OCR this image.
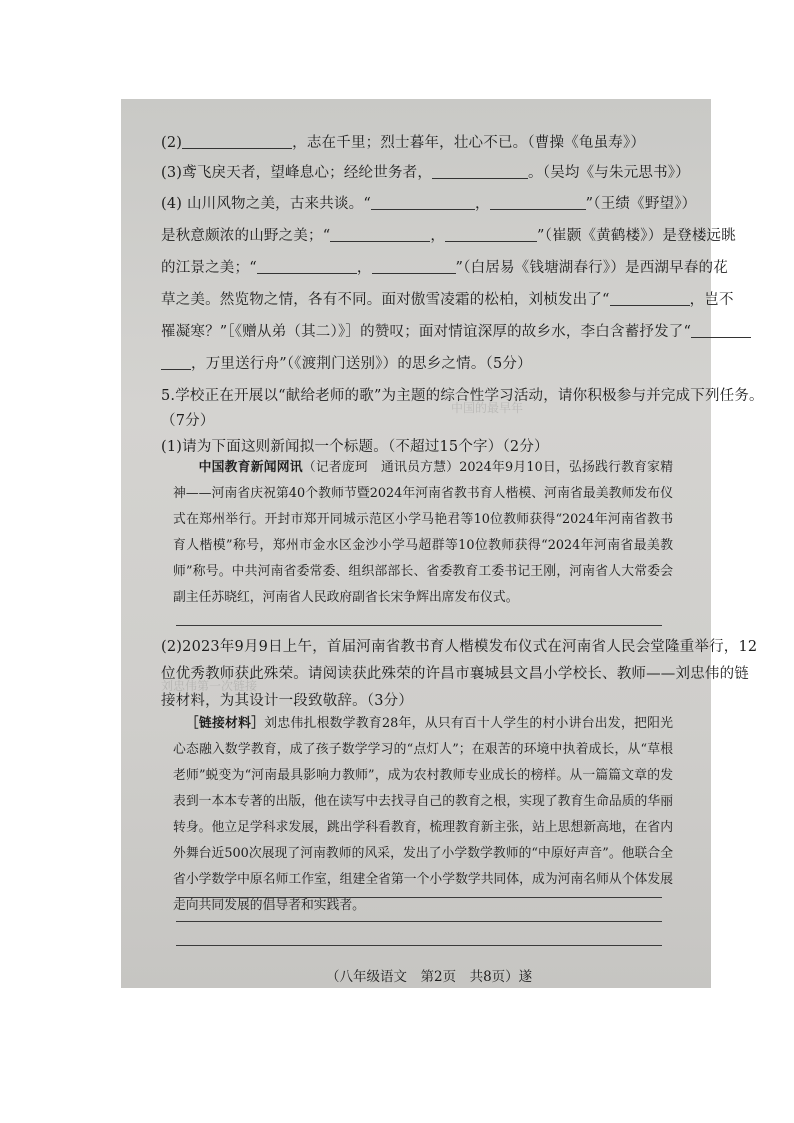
中国的最早年
刘忠伟第一次链接
(2)	，志在千里；烈士暮年，壮心不已。（曹操《龟虽寿》）
(3)鸢飞戾天者，望峰息心；经纶世务者，	。（吴均《与朱元思书》）
(4) 山川风物之美，古来共谈。“	，	”（王绩《野望》）
是秋意颇浓的山野之美；“	，	”（崔颢《黄鹤楼》）是登楼远眺
的江景之美；“	，	”（白居易《钱塘湖春行》）是西湖早春的花
草之美。然览物之情，各有不同。面对傲雪凌霜的松柏，刘桢发出了“	，岂不
罹凝寒？”［《赠从弟（其二）》］的赞叹；面对情谊深厚的故乡水，李白含蓄抒发了“
，万里送行舟”（《渡荆门送别》）的思乡之情。（5分）
5.学校正在开展以“献给老师的歌”为主题的综合性学习活动，请你积极参与并完成下列任务。
（7分）
(1)请为下面这则新闻拟一个标题。（不超过15个字）（2分）
中国教育新闻网讯（记者庞珂　通讯员方慧）2024年9月10日，弘扬践行教育家精神——河南省庆祝第40个教师节暨2024年河南省教书育人楷模、河南省最美教师发布仪式在郑州举行。开封市郑开同城示范区小学马艳君等10位教师获得“2024年河南省教书育人楷模”称号，郑州市金水区金沙小学马超群等10位教师获得“2024年河南省最美教师”称号。中共河南省委常委、组织部部长、省委教育工委书记王刚，河南省人大常委会副主任苏晓红，河南省人民政府副省长宋争辉出席发布仪式。
(2)2023年9月9日上午，首届河南省教书育人楷模发布仪式在河南省人民会堂隆重举行，12
位优秀教师获此殊荣。请阅读获此殊荣的许昌市襄城县文昌小学校长、教师——刘忠伟的链
接材料，为其设计一段致敬辞。（3分）
［链接材料］刘忠伟扎根数学教育28年，从只有百十人学生的村小讲台出发，把阳光心态融入数学教育，成了孩子数学学习的“点灯人”；在艰苦的环境中执着成长，从“草根老师”蜕变为“河南最具影响力教师”，成为农村教师专业成长的榜样。从一篇篇文章的发表到一本本专著的出版，他在读写中去找寻自己的教育之根，实现了教育生命品质的华丽转身。他立足学科求发展，跳出学科看教育，梳理教育新主张，站上思想新高地，在省内外舞台近500次展现了河南教师的风采，发出了小学数学教师的“中原好声音”。他联合全省小学数学中原名师工作室，组建全省第一个小学数学共同体，成为河南名师从个体发展走向共同发展的倡导者和实践者。
（八年级语文　第2页　共8页）遂
